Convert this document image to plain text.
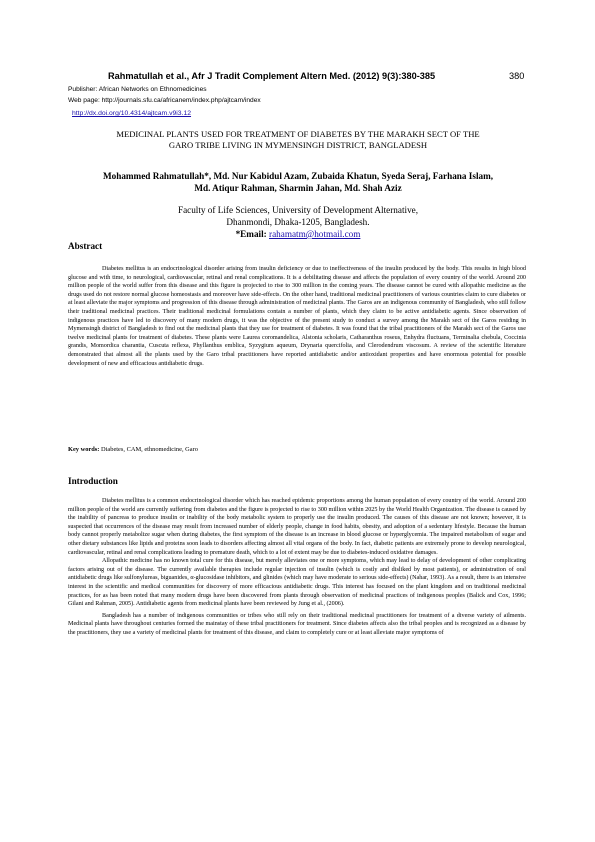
Rahmatullah et al., Afr J Tradit Complement Altern Med. (2012) 9(3):380-385	380
Publisher: African Networks on Ethnomedicines
Web page: http://journals.sfu.ca/africanem/index.php/ajtcam/index
http://dx.doi.org/10.4314/ajtcam.v9i3.12
MEDICINAL PLANTS USED FOR TREATMENT OF DIABETES BY THE MARAKH SECT OF THE
GARO TRIBE LIVING IN MYMENSINGH DISTRICT, BANGLADESH
Mohammed Rahmatullah*, Md. Nur Kabidul Azam, Zubaida Khatun, Syeda Seraj, Farhana Islam,
Md. Atiqur Rahman, Sharmin Jahan, Md. Shah Aziz
Faculty of Life Sciences, University of Development Alternative,
Dhanmondi, Dhaka-1205, Bangladesh.
*Email: rahamatm@hotmail.com
Abstract

Diabetes mellitus is an endocrinological disorder arising from insulin deficiency or due to ineffectiveness of the insulin produced by the body. This results in high blood glucose and with time, to neurological, cardiovascular, retinal and renal complications. It is a debilitating disease and affects the population of every country of the world. Around 200 million people of the world suffer from this disease and this figure is projected to rise to 300 million in the coming years. The disease cannot be cured with allopathic medicine as the drugs used do not restore normal glucose homeostasis and moreover have side-effects. On the other hand, traditional medicinal practitioners of various countries claim to cure diabetes or at least alleviate the major symptoms and progression of this disease through administration of medicinal plants. The Garos are an indigenous community of Bangladesh, who still follow their traditional medicinal practices. Their traditional medicinal formulations contain a number of plants, which they claim to be active antidiabetic agents. Since observation of indigenous practices have led to discovery of many modern drugs, it was the objective of the present study to conduct a survey among the Marakh sect of the Garos residing in Mymensingh district of Bangladesh to find out the medicinal plants that they use for treatment of diabetes. It was found that the tribal practitioners of the Marakh sect of the Garos use twelve medicinal plants for treatment of diabetes. These plants were Laurea coromandelica, Alstonia scholaris, Catharanthus roseus, Enhydra fluctuans, Terminalia chebula, Coccinia grandis, Momordica charantia, Cuscuta reflexa, Phyllanthus emblica, Syzygium aqueum, Drynaria quercifolia, and Clerodendrum viscosum. A review of the scientific literature demonstrated that almost all the plants used by the Garo tribal practitioners have reported antidiabetic and/or antioxidant properties and have enormous potential for possible development of new and efficacious antidiabetic drugs.

Key words: Diabetes, CAM, ethnomedicine, Garo
Introduction

Diabetes mellitus is a common endocrinological disorder which has reached epidemic proportions among the human population of every country of the world. Around 200 million people of the world are currently suffering from diabetes and the figure is projected to rise to 300 million within 2025 by the World Health Organization. The disease is caused by the inability of pancreas to produce insulin or inability of the body metabolic system to properly use the insulin produced. The causes of this disease are not known; however, it is suspected that occurrences of the disease may result from increased number of elderly people, change in food habits, obesity, and adoption of a sedentary lifestyle. Because the human body cannot properly metabolize sugar when during diabetes, the first symptom of the disease is an increase in blood glucose or hyperglycemia. The impaired metabolism of sugar and other dietary substances like lipids and proteins soon leads to disorders affecting almost all vital organs of the body. In fact, diabetic patients are extremely prone to develop neurological, cardiovascular, retinal and renal complications leading to premature death, which to a lot of extent may be due to diabetes-induced oxidative damages.

Allopathic medicine has no known total cure for this disease, but merely alleviates one or more symptoms, which may lead to delay of development of other complicating factors arising out of the disease. The currently available therapies include regular injection of insulin (which is costly and disliked by most patients), or administration of oral antidiabetic drugs like sulfonylureas, biguanides, α-glucosidase inhibitors, and glinides (which may have moderate to serious side-effects) (Nahar, 1993). As a result, there is an intensive interest in the scientific and medical communities for discovery of more efficacious antidiabetic drugs. This interest has focused on the plant kingdom and on traditional medicinal practices, for as has been noted that many modern drugs have been discovered from plants through observation of medicinal practices of indigenous peoples (Balick and Cox, 1996; Gilani and Rahman, 2005). Antidiabetic agents from medicinal plants have been reviewed by Jung et al., (2006).

Bangladesh has a number of indigenous communities or tribes who still rely on their traditional medicinal practitioners for treatment of a diverse variety of ailments. Medicinal plants have throughout centuries formed the mainstay of these tribal practitioners for treatment. Since diabetes affects also the tribal peoples and is recognized as a disease by the practitioners, they use a variety of medicinal plants for treatment of this disease, and claim to completely cure or at least alleviate major symptoms of
